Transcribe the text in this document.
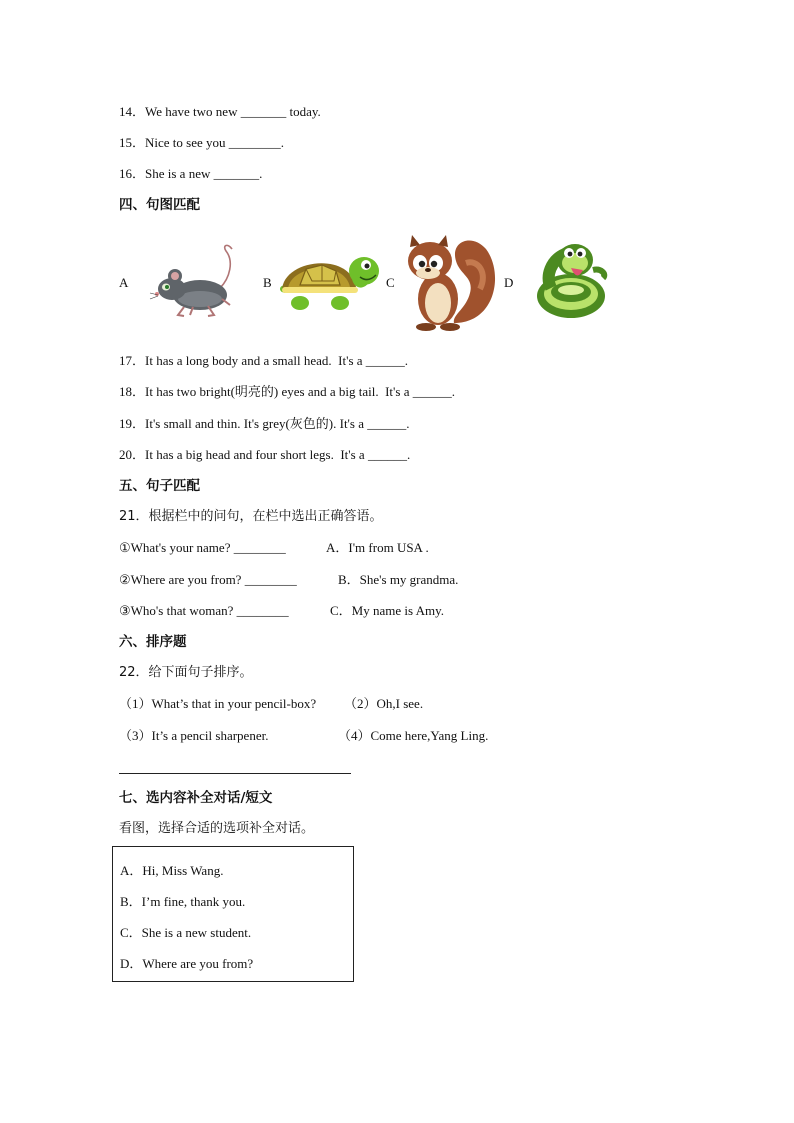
14．We have two new _______ today.
15．Nice to see you ________.
16．She is a new _______.
四、句图匹配
A	B	C	D
17．It has a long body and a small head.  It's a ______.
18．It has two bright(明亮的) eyes and a big tail.  It's a ______.
19．It's small and thin. It's grey(灰色的). It's a ______.
20．It has a big head and four short legs.  It's a ______.
五、句子匹配
21．根据栏中的问句，在栏中选出正确答语。
①What's your name? ________	A．I'm from USA .
②Where are you from? ________	B．She's my grandma.
③Who's that woman? ________	C．My name is Amy.
六、排序题
22．给下面句子排序。
（1）What’s that in your pencil-box? （2）Oh,I see.
（3）It’s a pencil sharpener.	（4）Come here,Yang Ling.
七、选内容补全对话/短文
看图，选择合适的选项补全对话。
A．Hi, Miss Wang.
B．I’m fine, thank you.
C．She is a new student.
D．Where are you from?
